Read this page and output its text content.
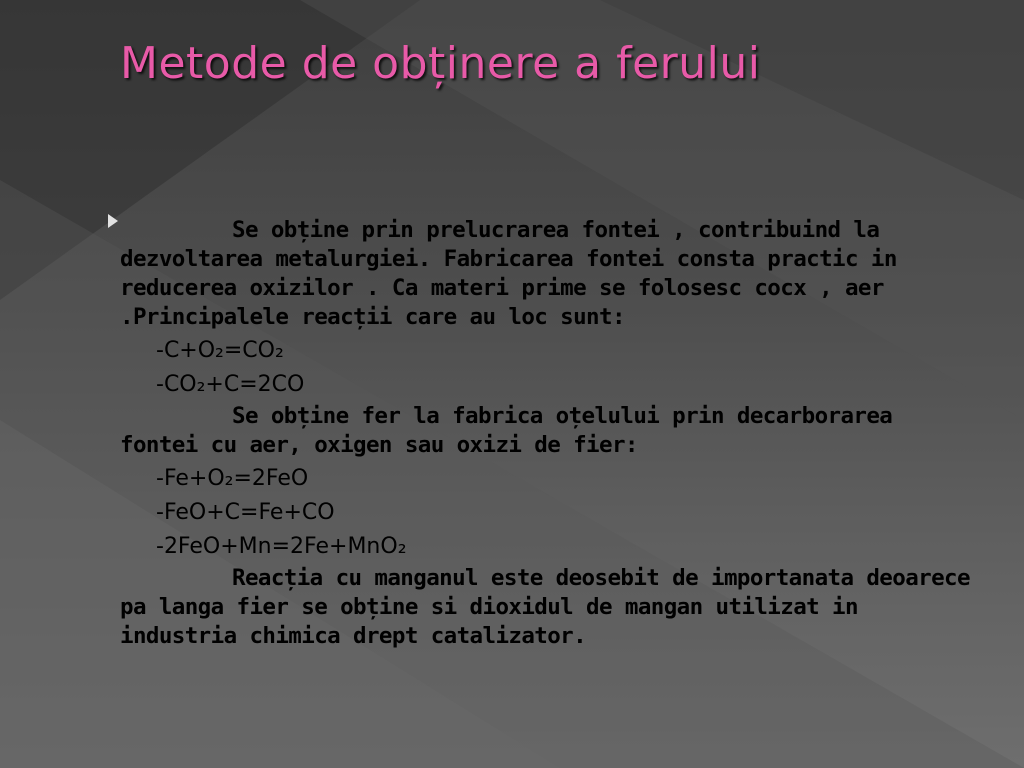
Metode de obținere a ferului

Se obține prin prelucrarea fontei , contribuind la dezvoltarea metalurgiei. Fabricarea fontei consta practic in reducerea oxizilor . Ca materi prime se folosesc cocx , aer .Principalele reacții care au loc sunt:

-C+O₂=CO₂

-CO₂+C=2CO

Se obține fer la fabrica oțelului prin decarborarea fontei cu aer, oxigen sau oxizi de fier:

-Fe+O₂=2FeO

-FeO+C=Fe+CO

-2FeO+Mn=2Fe+MnO₂

Reacția cu manganul este deosebit de importanata deoarece pa langa fier se obține si dioxidul de mangan utilizat in industria chimica drept catalizator.
